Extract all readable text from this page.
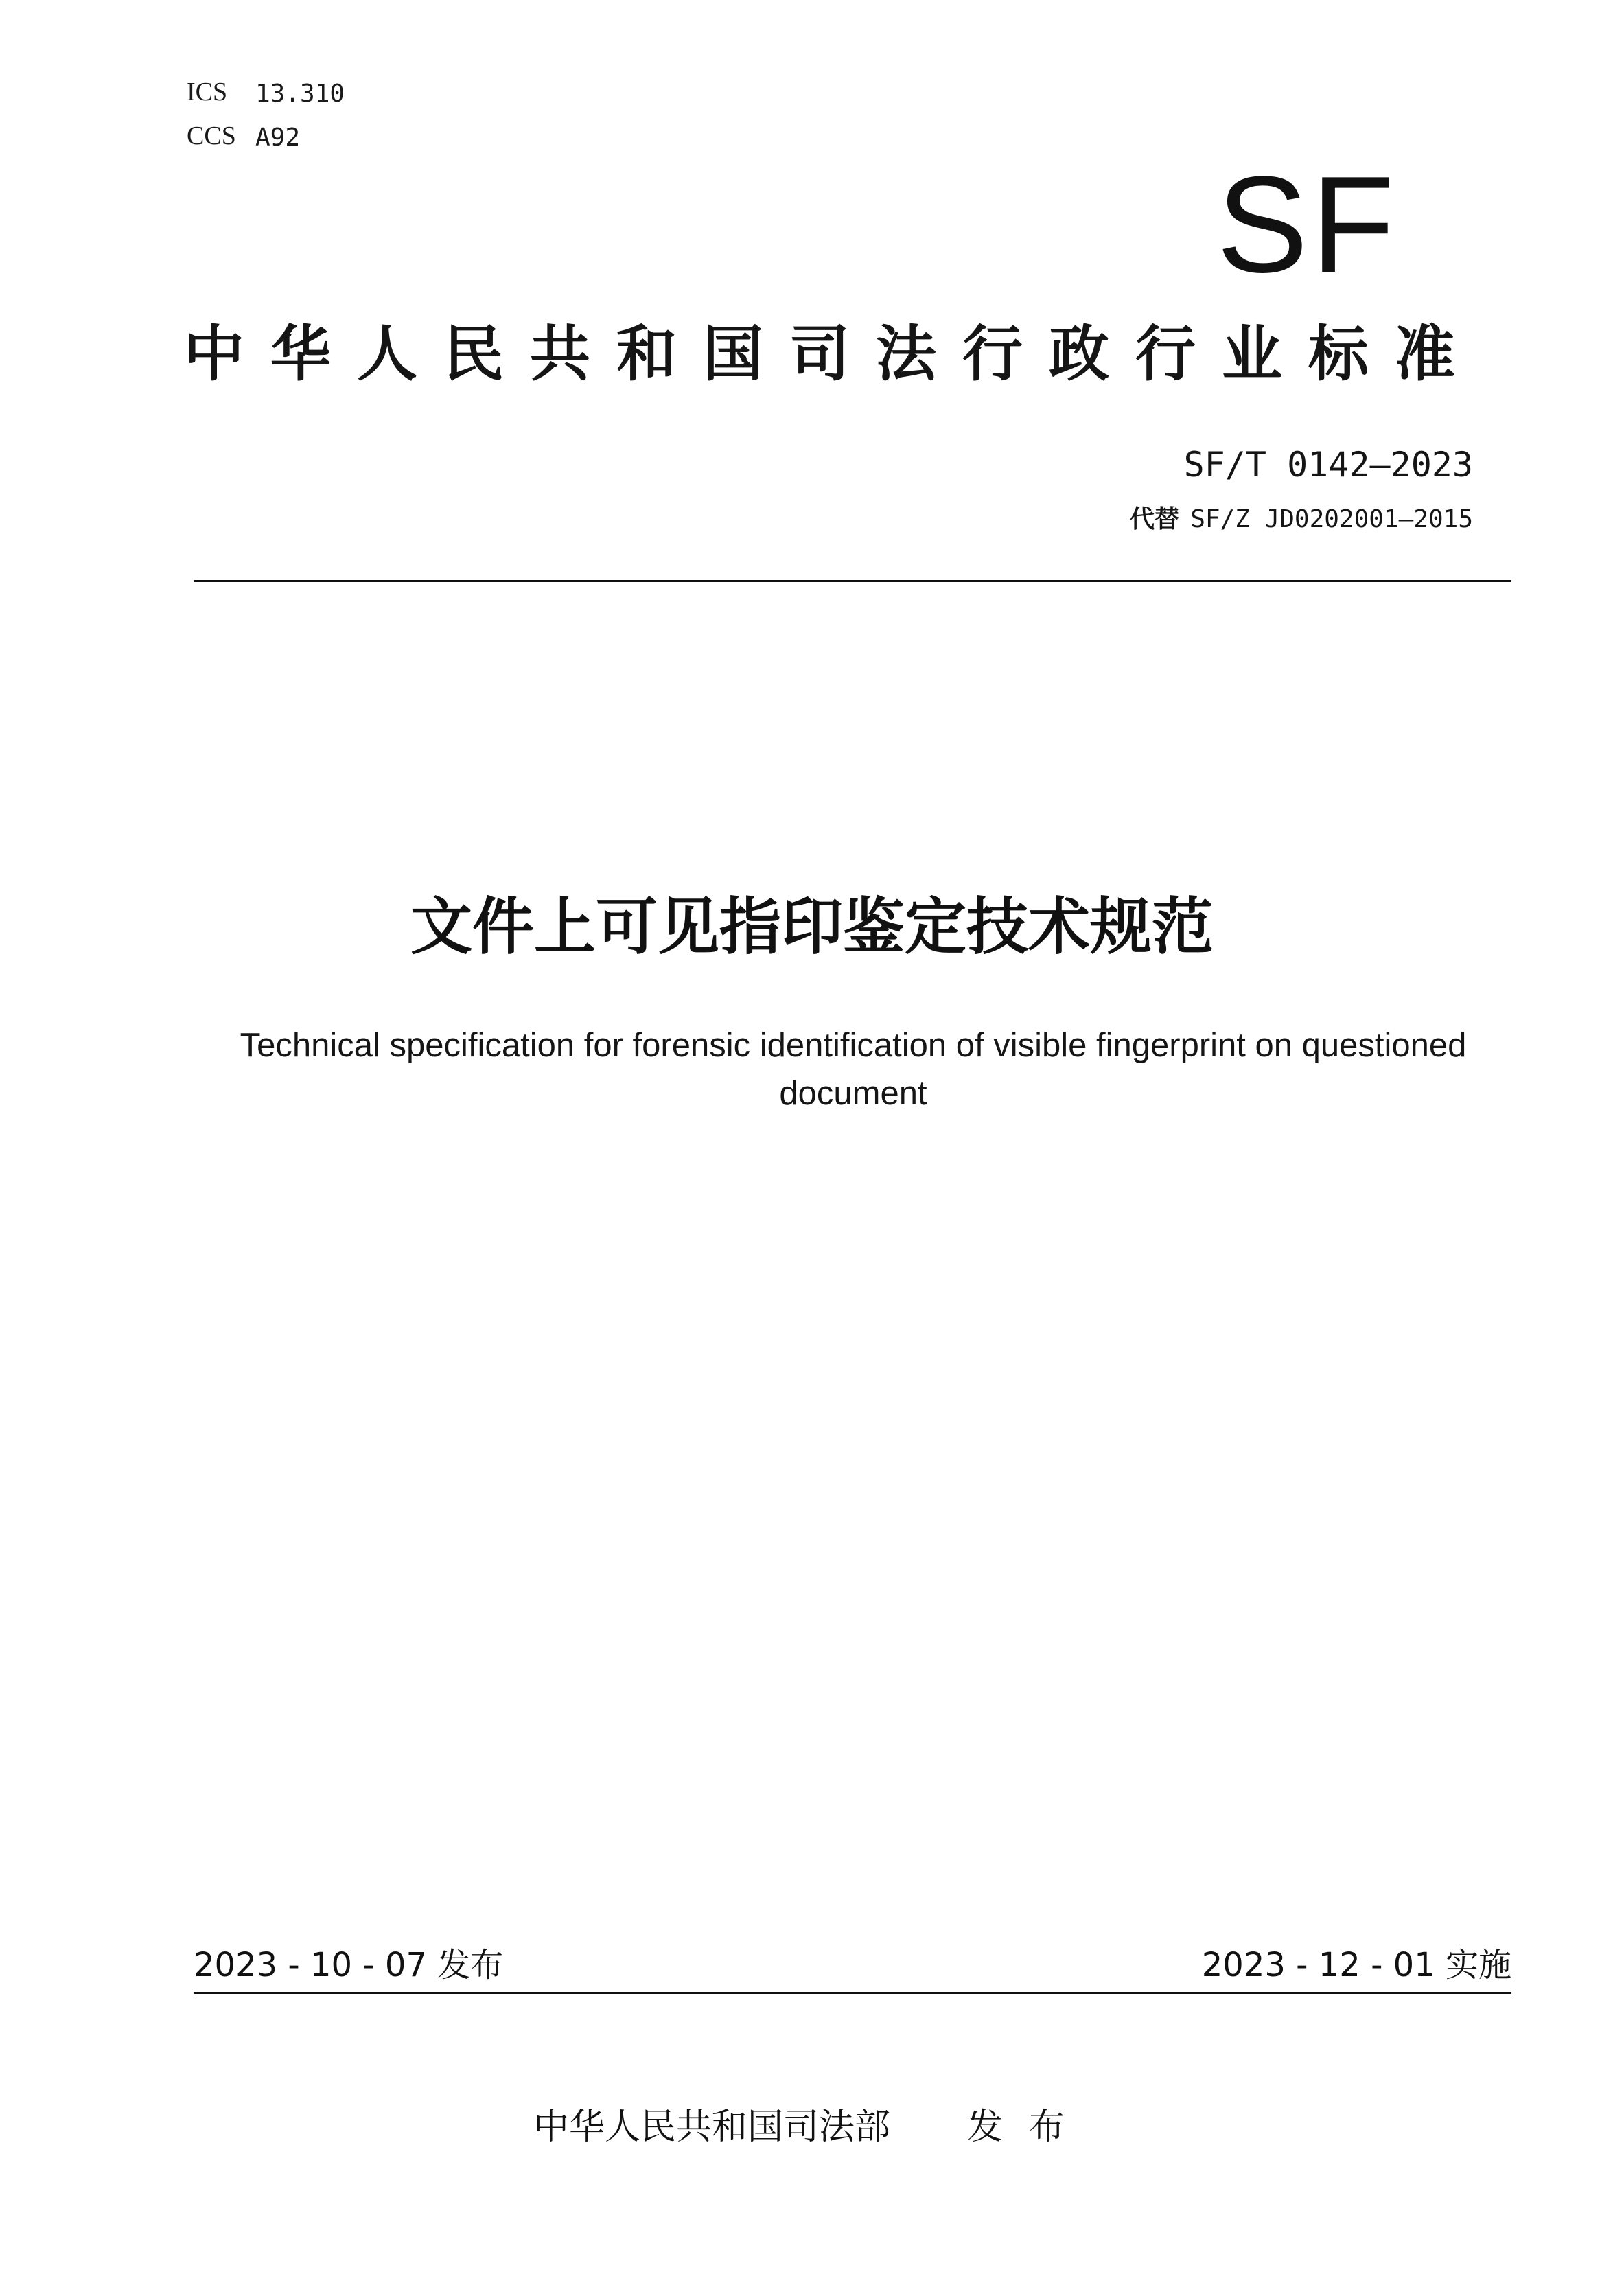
ICS 13.310
CCS A92
SF
中华人民共和国司法行政行业标准
SF/T 0142—2023
代替 SF/Z JD0202001—2015
文件上可见指印鉴定技术规范
Technical specification for forensic identification of visible fingerprint on questioned document
2023 - 10 - 07 发布	2023 - 12 - 01 实施
中华人民共和国司法部 发布
